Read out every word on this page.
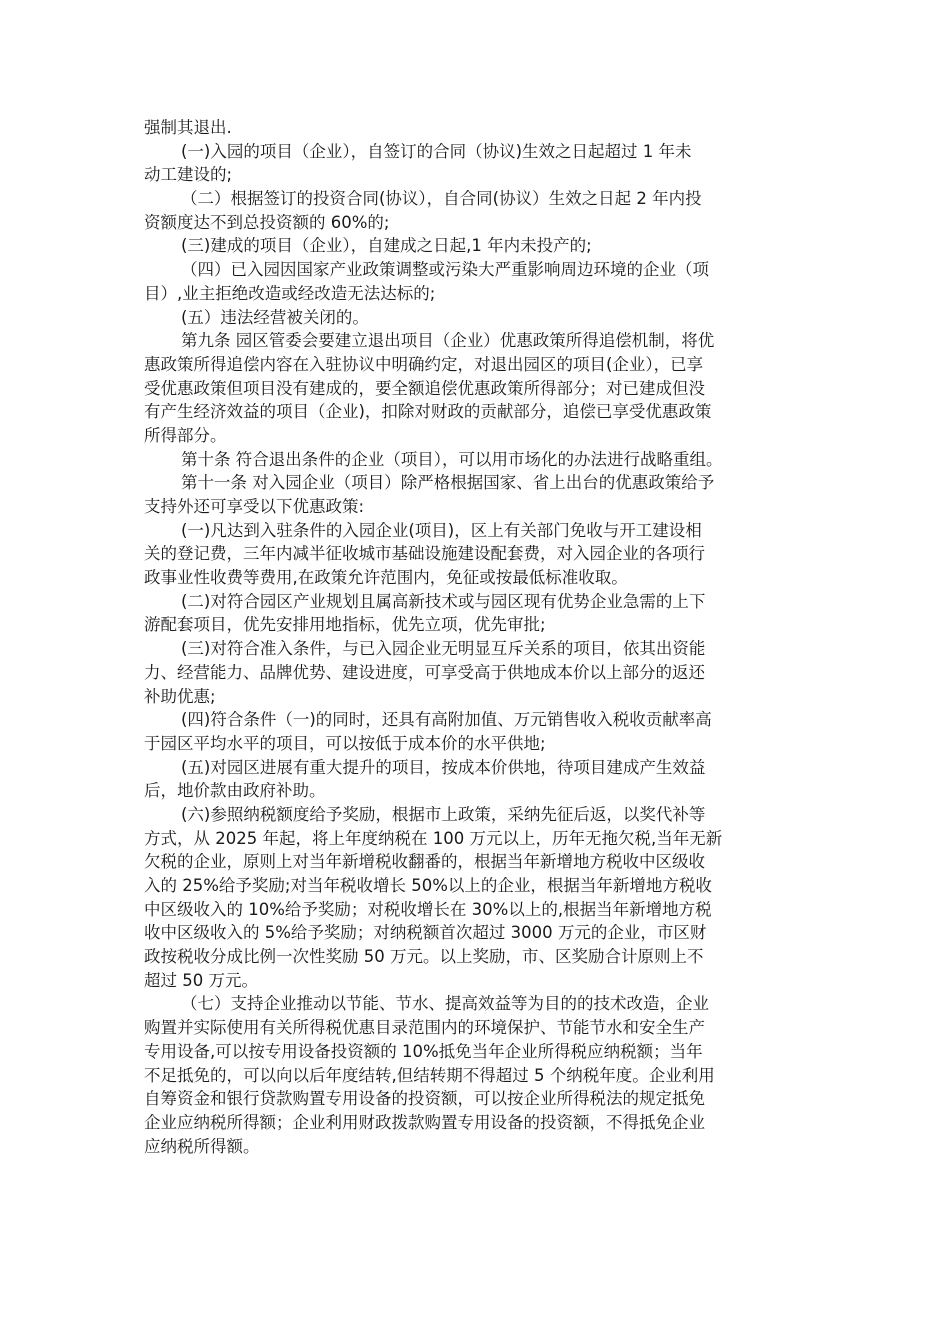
强制其退出.
(一)入园的项目（企业），自签订的合同（协议)生效之日起超过 1 年未
动工建设的;
（二）根据签订的投资合同(协议），自合同(协议）生效之日起 2 年内投
资额度达不到总投资额的 60%的;
(三)建成的项目（企业），自建成之日起,1 年内未投产的;
（四）已入园因国家产业政策调整或污染大严重影响周边环境的企业（项
目）,业主拒绝改造或经改造无法达标的;
(五）违法经营被关闭的。
第九条 园区管委会要建立退出项目（企业）优惠政策所得追偿机制，将优
惠政策所得追偿内容在入驻协议中明确约定，对退出园区的项目(企业），已享
受优惠政策但项目没有建成的，要全额追偿优惠政策所得部分；对已建成但没
有产生经济效益的项目（企业)，扣除对财政的贡献部分，追偿已享受优惠政策
所得部分。
第十条 符合退出条件的企业（项目），可以用市场化的办法进行战略重组。
第十一条 对入园企业（项目）除严格根据国家、省上出台的优惠政策给予
支持外还可享受以下优惠政策:
(一)凡达到入驻条件的入园企业(项目)，区上有关部门免收与开工建设相
关的登记费，三年内减半征收城市基础设施建设配套费，对入园企业的各项行
政事业性收费等费用,在政策允许范围内，免征或按最低标准收取。
(二)对符合园区产业规划且属高新技术或与园区现有优势企业急需的上下
游配套项目，优先安排用地指标，优先立项，优先审批;
(三)对符合准入条件，与已入园企业无明显互斥关系的项目，依其出资能
力、经营能力、品牌优势、建设进度，可享受高于供地成本价以上部分的返还
补助优惠;
(四)符合条件（一)的同时，还具有高附加值、万元销售收入税收贡献率高
于园区平均水平的项目，可以按低于成本价的水平供地;
(五)对园区进展有重大提升的项目，按成本价供地，待项目建成产生效益
后，地价款由政府补助。
(六)参照纳税额度给予奖励，根据市上政策，采纳先征后返，以奖代补等
方式，从 2025 年起，将上年度纳税在 100 万元以上，历年无拖欠税,当年无新
欠税的企业，原则上对当年新增税收翻番的，根据当年新增地方税收中区级收
入的 25%给予奖励;对当年税收增长 50%以上的企业，根据当年新增地方税收
中区级收入的 10%给予奖励；对税收增长在 30%以上的,根据当年新增地方税
收中区级收入的 5%给予奖励；对纳税额首次超过 3000 万元的企业，市区财
政按税收分成比例一次性奖励 50 万元。以上奖励，市、区奖励合计原则上不
超过 50 万元。
（七）支持企业推动以节能、节水、提高效益等为目的的技术改造，企业
购置并实际使用有关所得税优惠目录范围内的环境保护、节能节水和安全生产
专用设备,可以按专用设备投资额的 10%抵免当年企业所得税应纳税额；当年
不足抵免的，可以向以后年度结转,但结转期不得超过 5 个纳税年度。企业利用
自筹资金和银行贷款购置专用设备的投资额，可以按企业所得税法的规定抵免
企业应纳税所得额；企业利用财政拨款购置专用设备的投资额，不得抵免企业
应纳税所得额。
